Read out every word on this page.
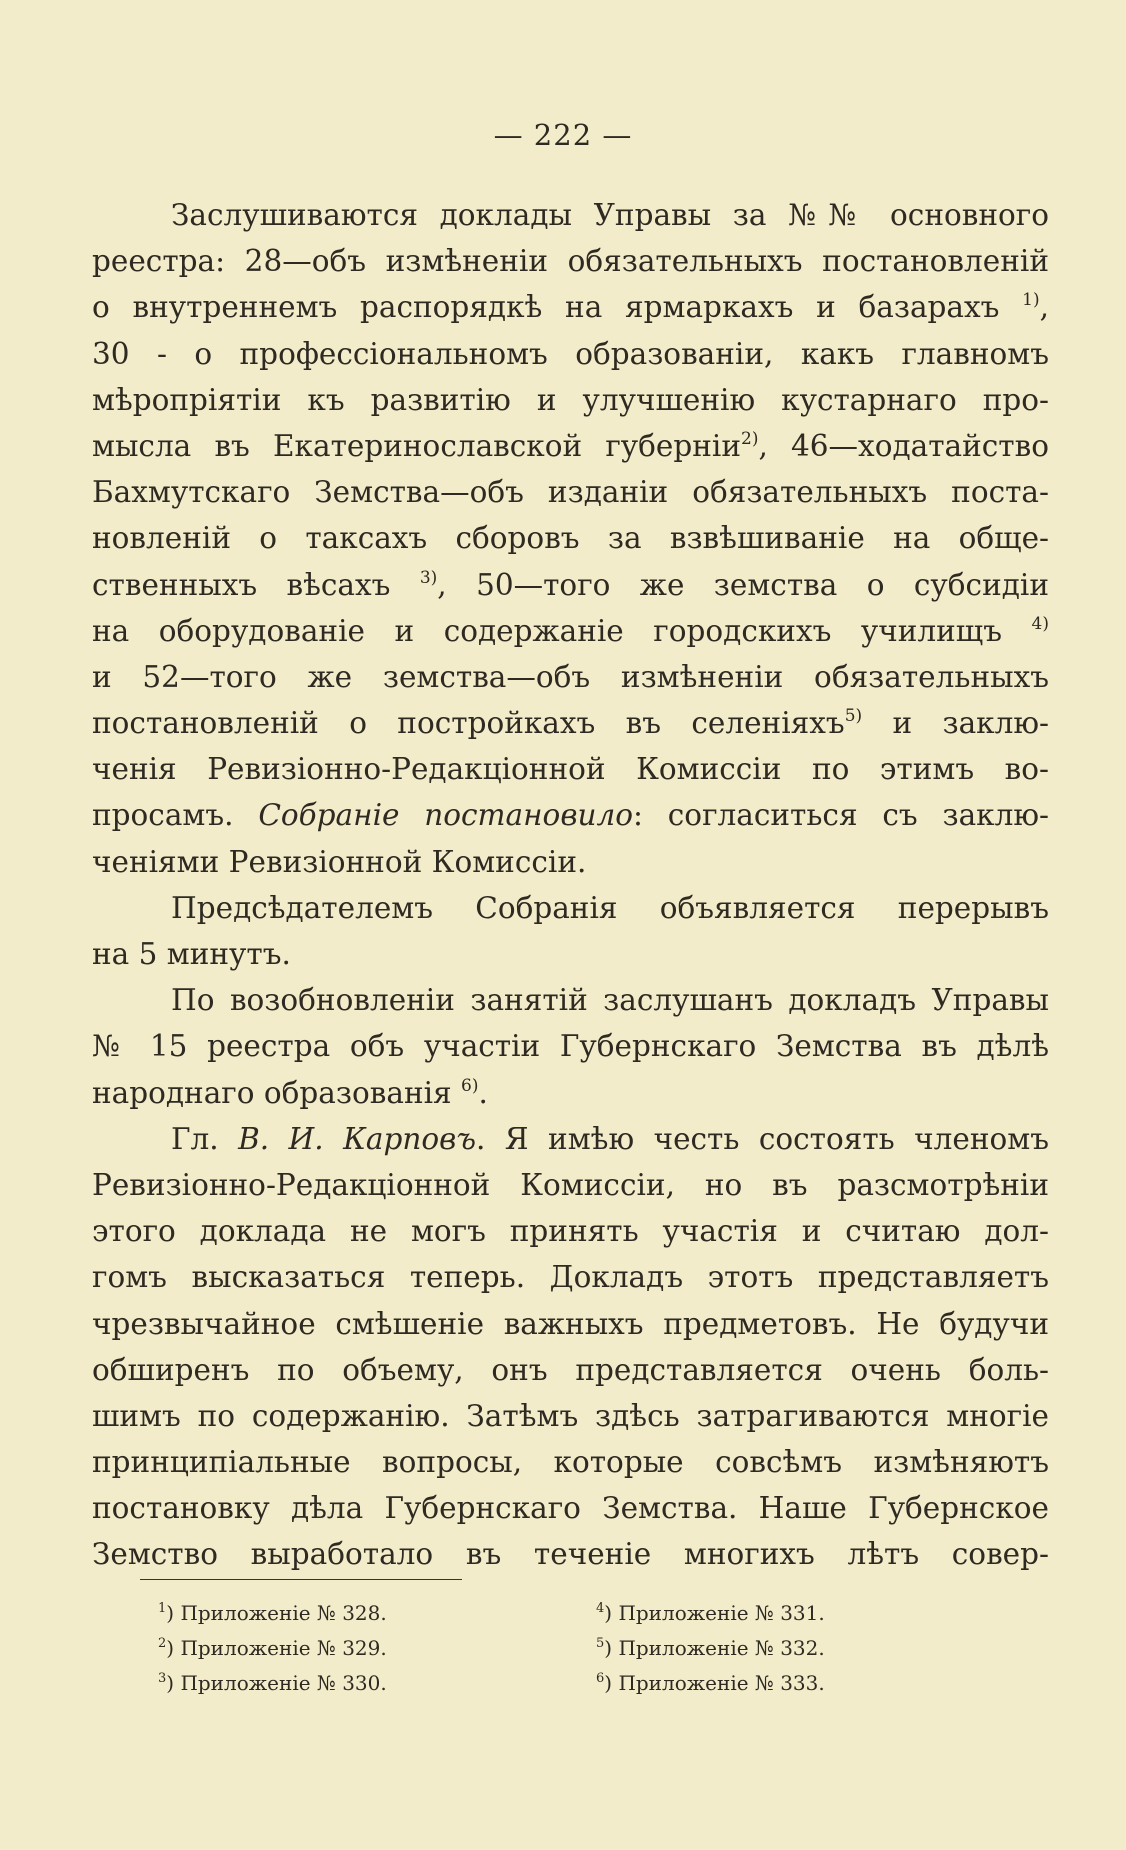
— 222 —
Заслушиваются доклады Управы за №№ основного
реестра: 28—объ измѣненіи обязательныхъ постановленій
о внутреннемъ распорядкѣ на ярмаркахъ и базарахъ $^{1)}$,
30 - о профессіональномъ образованіи, какъ главномъ
мѣропріятіи къ развитію и улучшенію кустарнаго про-
мысла въ Екатеринославской губерніи$^{2)}$, 46—ходатайство
Бахмутскаго Земства—объ изданіи обязательныхъ поста-
новленій о таксахъ сборовъ за взвѣшиваніе на обще-
ственныхъ вѣсахъ $^{3)}$, 50—того же земства о субсидіи
на оборудованіе и содержаніе городскихъ училищъ $^{4)}$
и 52—того же земства—объ измѣненіи обязательныхъ
постановленій о постройкахъ въ селеніяхъ$^{5)}$ и заклю-
ченія Ревизіонно-Редакціонной Комиссіи по этимъ во-
просамъ. Собраніе постановило: согласиться съ заклю-
ченіями Ревизіонной Комиссіи.
Предсѣдателемъ Собранія объявляется перерывъ
на 5 минутъ.
По возобновленіи занятій заслушанъ докладъ Управы
№ 15 реестра объ участіи Губернскаго Земства въ дѣлѣ
народнаго образованія $^{6)}$.
Гл. В. И. Карповъ. Я имѣю честь состоять членомъ
Ревизіонно-Редакціонной Комиссіи, но въ разсмотрѣніи
этого доклада не могъ принять участія и считаю дол-
гомъ высказаться теперь. Докладъ этотъ представляетъ
чрезвычайное смѣшеніе важныхъ предметовъ. Не будучи
обширенъ по объему, онъ представляется очень боль-
шимъ по содержанію. Затѣмъ здѣсь затрагиваются многіе
принципіальные вопросы, которые совсѣмъ измѣняютъ
постановку дѣла Губернскаго Земства. Наше Губернское
Земство выработало въ теченіе многихъ лѣтъ совер-
$^1$) Приложеніе № 328.
$^2$) Приложеніе № 329.
$^3$) Приложеніе № 330.
$^4$) Приложеніе № 331.
$^5$) Приложеніе № 332.
$^6$) Приложеніе № 333.
